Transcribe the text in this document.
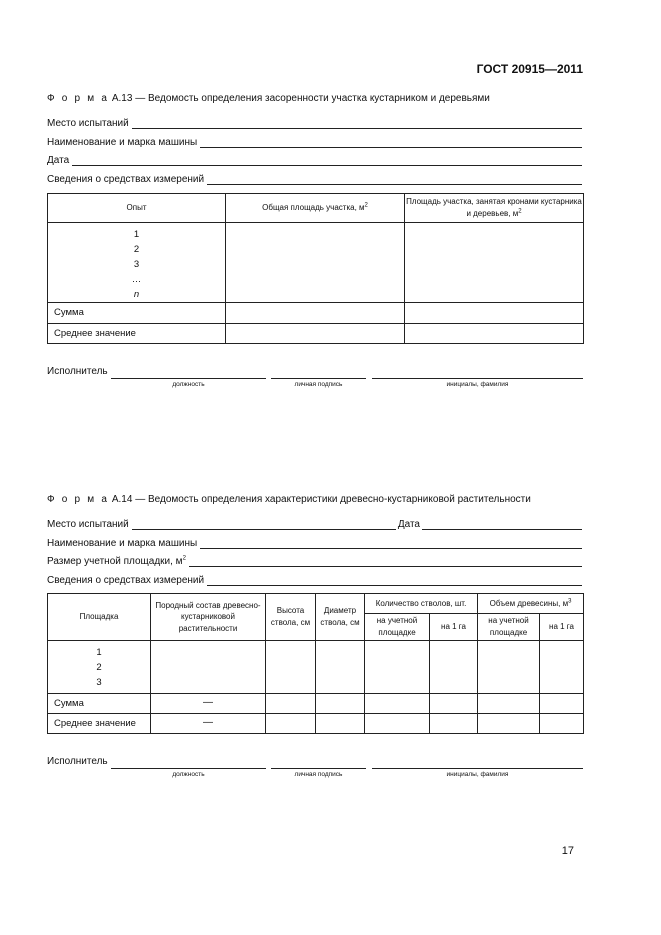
ГОСТ 20915—2011
Ф о р м а А.13 — Ведомость определения засоренности участка кустарником и деревьями
Место испытаний
Наименование и марка машины
Дата
Сведения о средствах измерений
Опыт	Общая площадь участка, $м^2$	Площадь участка, занятая кронами кустарника и деревьев, $м^2$

1
2
3
…
n		

Сумма		
Среднее значение		
Исполнитель
должность	личная подпись	инициалы, фамилия
Ф о р м а А.14 — Ведомость определения характеристики древесно-кустарниковой растительности
Место испытаний	Дата
Наименование и марка машины
Размер учетной площадки, $м^2$
Сведения о средствах измерений
Площадка	Породный состав древесно-кустарниковой растительности	Высота ствола, см	Диаметр ствола, см	Количество стволов, шт.		Объем древесины, $м^3$
				на учетной площадке	на 1 га	на учетной площадке	на 1 га

1
2
3							

Сумма	—						
Среднее значение	—						
Исполнитель
должность	личная подпись	инициалы, фамилия
17
